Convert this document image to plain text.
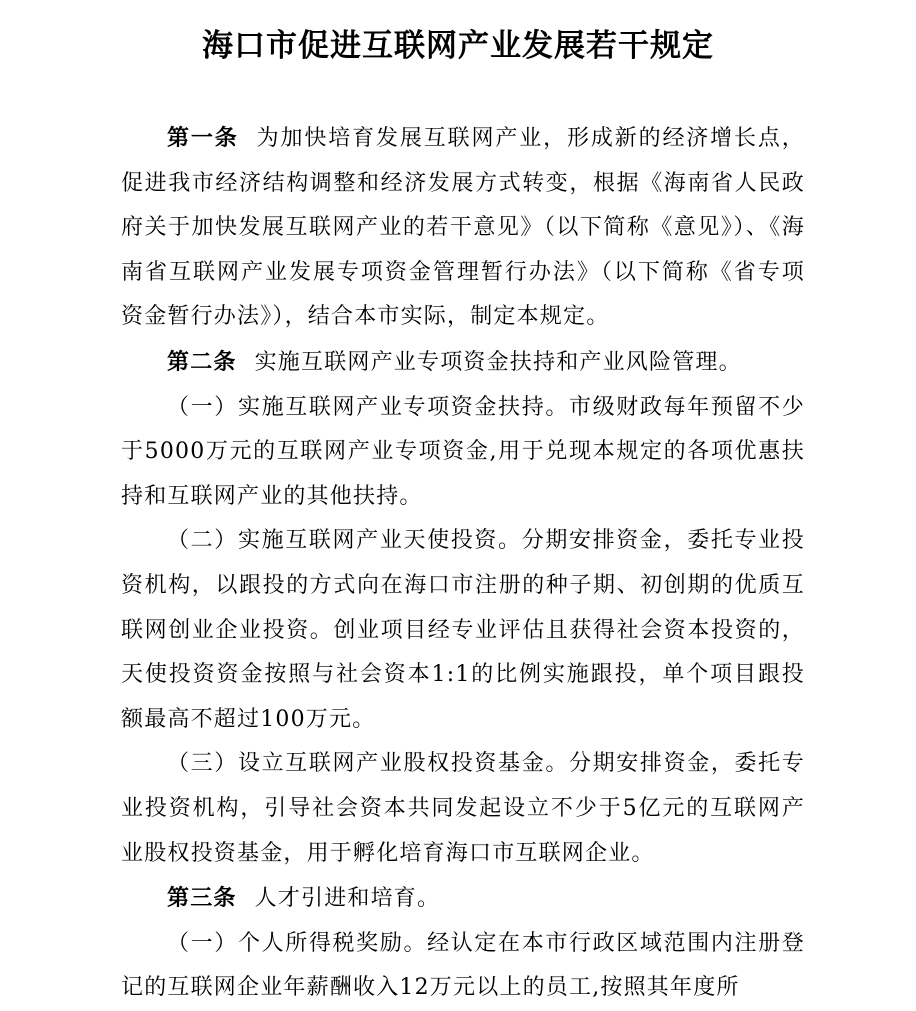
海口市促进互联网产业发展若干规定

第一条 为加快培育发展互联网产业，形成新的经济增长点，促进我市经济结构调整和经济发展方式转变，根据《海南省人民政府关于加快发展互联网产业的若干意见》（以下简称《意见》）、《海南省互联网产业发展专项资金管理暂行办法》（以下简称《省专项资金暂行办法》），结合本市实际，制定本规定。

第二条 实施互联网产业专项资金扶持和产业风险管理。

（一）实施互联网产业专项资金扶持。市级财政每年预留不少于5000万元的互联网产业专项资金,用于兑现本规定的各项优惠扶持和互联网产业的其他扶持。

（二）实施互联网产业天使投资。分期安排资金，委托专业投资机构，以跟投的方式向在海口市注册的种子期、初创期的优质互联网创业企业投资。创业项目经专业评估且获得社会资本投资的，天使投资资金按照与社会资本1:1的比例实施跟投，单个项目跟投额最高不超过100万元。

（三）设立互联网产业股权投资基金。分期安排资金，委托专业投资机构，引导社会资本共同发起设立不少于5亿元的互联网产业股权投资基金，用于孵化培育海口市互联网企业。

第三条 人才引进和培育。

（一）个人所得税奖励。经认定在本市行政区域范围内注册登记的互联网企业年薪酬收入12万元以上的员工,按照其年度所
